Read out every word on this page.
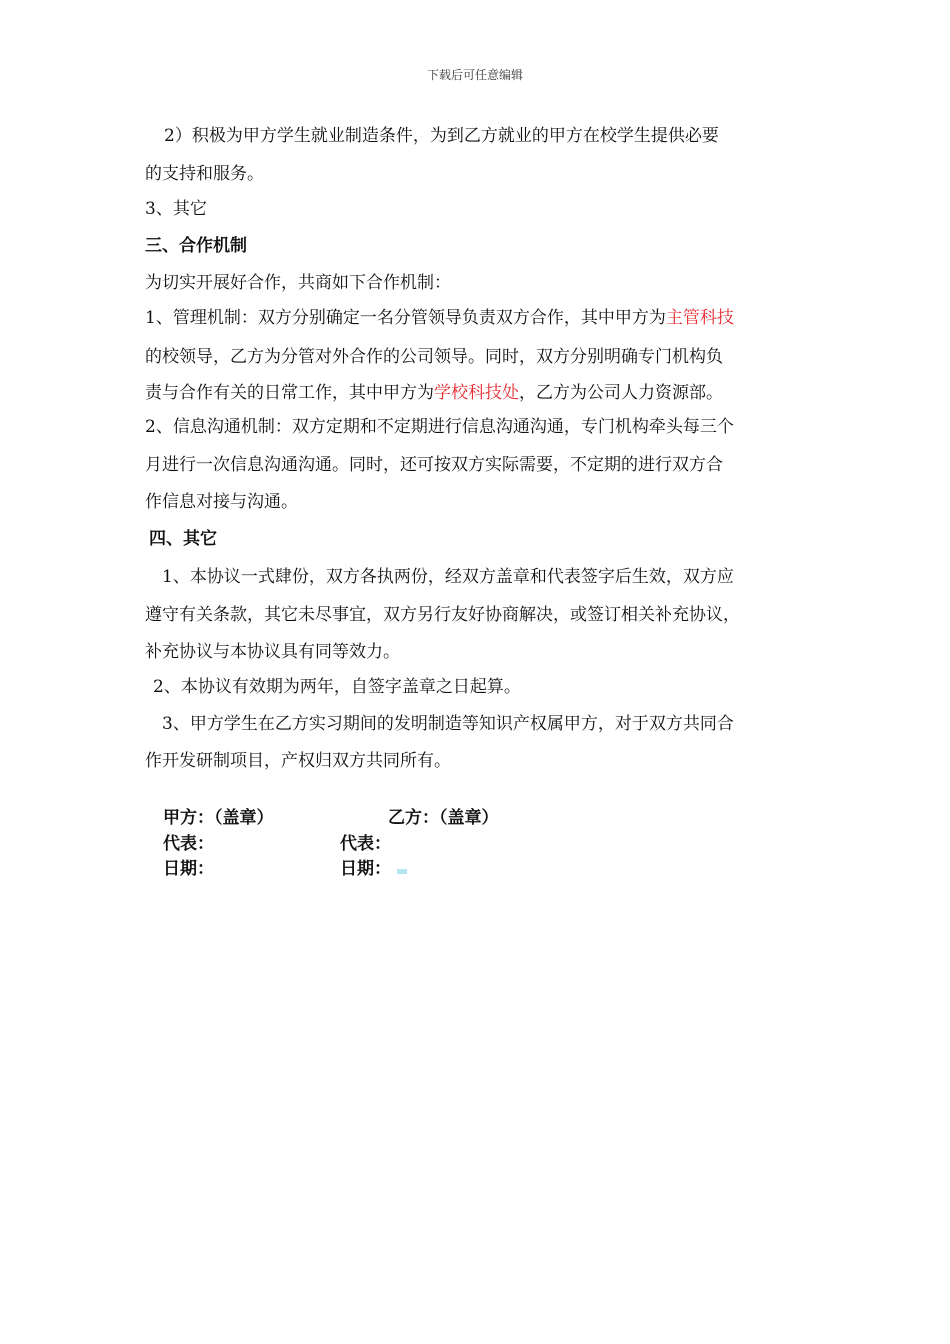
下载后可任意编辑
2）积极为甲方学生就业制造条件，为到乙方就业的甲方在校学生提供必要
的支持和服务。
3、其它
三、合作机制
为切实开展好合作，共商如下合作机制：
1、管理机制：双方分别确定一名分管领导负责双方合作，其中甲方为主管科技
的校领导，乙方为分管对外合作的公司领导。同时，双方分别明确专门机构负
责与合作有关的日常工作，其中甲方为学校科技处，乙方为公司人力资源部。
2、信息沟通机制：双方定期和不定期进行信息沟通沟通，专门机构牵头每三个
月进行一次信息沟通沟通。同时，还可按双方实际需要，不定期的进行双方合
作信息对接与沟通。
四、其它
1、本协议一式肆份，双方各执两份，经双方盖章和代表签字后生效，双方应
遵守有关条款，其它未尽事宜，双方另行友好协商解决，或签订相关补充协议，
补充协议与本协议具有同等效力。
2、本协议有效期为两年，自签字盖章之日起算。
3、甲方学生在乙方实习期间的发明制造等知识产权属甲方，对于双方共同合
作开发研制项目，产权归双方共同所有。
甲方：（盖章）	乙方：（盖章）
代表：	代表：
日期：	日期：
